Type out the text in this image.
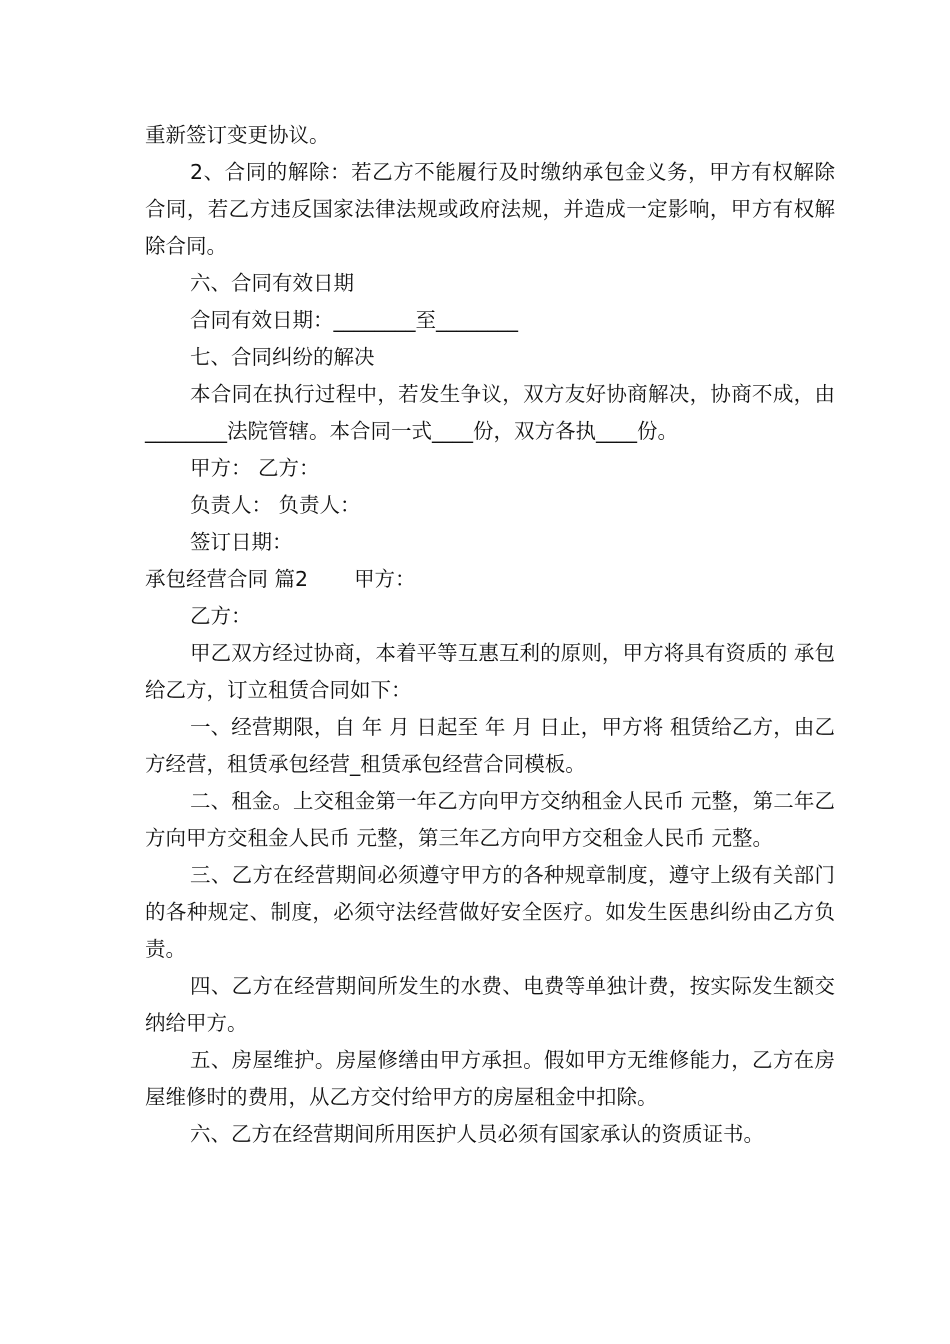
重新签订变更协议。

2、合同的解除：若乙方不能履行及时缴纳承包金义务，甲方有权解除合同，若乙方违反国家法律法规或政府法规，并造成一定影响，甲方有权解除合同。

六、合同有效日期

合同有效日期：________至________

七、合同纠纷的解决

本合同在执行过程中，若发生争议，双方友好协商解决，协商不成，由________法院管辖。本合同一式____份，双方各执____份。

甲方： 乙方：

负责人： 负责人：

签订日期：

承包经营合同 篇2 甲方：

乙方：

甲乙双方经过协商，本着平等互惠互利的原则，甲方将具有资质的 承包给乙方，订立租赁合同如下：

一、经营期限，自 年 月 日起至 年 月 日止，甲方将 租赁给乙方，由乙方经营，租赁承包经营_租赁承包经营合同模板。

二、租金。上交租金第一年乙方向甲方交纳租金人民币 元整，第二年乙方向甲方交租金人民币 元整，第三年乙方向甲方交租金人民币 元整。

三、乙方在经营期间必须遵守甲方的各种规章制度，遵守上级有关部门的各种规定、制度，必须守法经营做好安全医疗。如发生医患纠纷由乙方负责。

四、乙方在经营期间所发生的水费、电费等单独计费，按实际发生额交纳给甲方。

五、房屋维护。房屋修缮由甲方承担。假如甲方无维修能力，乙方在房屋维修时的费用，从乙方交付给甲方的房屋租金中扣除。

六、乙方在经营期间所用医护人员必须有国家承认的资质证书。
